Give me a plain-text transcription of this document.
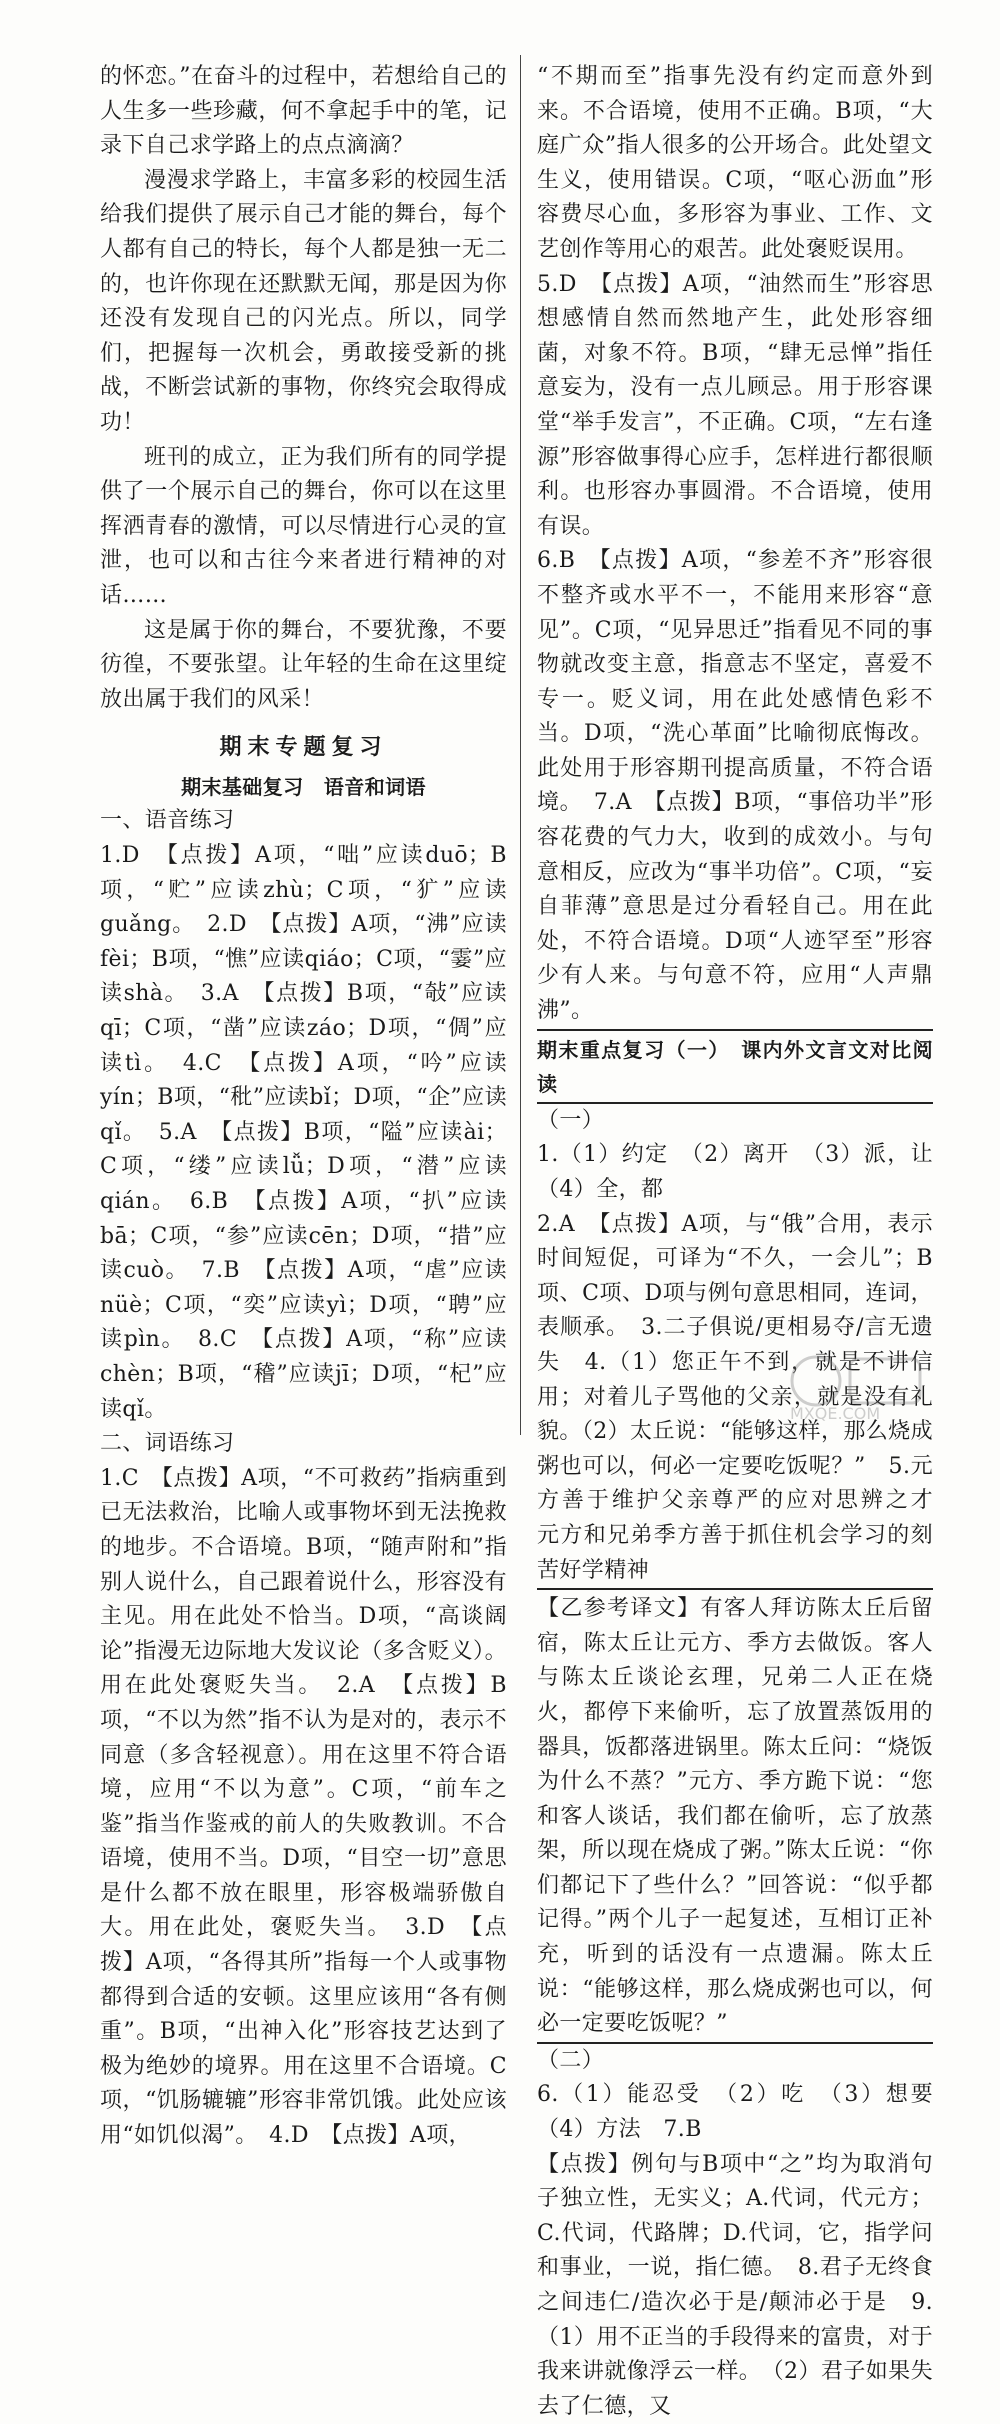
的怀恋。”在奋斗的过程中，若想给自己的人生多一些珍藏，何不拿起手中的笔，记录下自己求学路上的点点滴滴？

漫漫求学路上，丰富多彩的校园生活给我们提供了展示自己才能的舞台，每个人都有自己的特长，每个人都是独一无二的，也许你现在还默默无闻，那是因为你还没有发现自己的闪光点。所以，同学们，把握每一次机会，勇敢接受新的挑战，不断尝试新的事物，你终究会取得成功！

班刊的成立，正为我们所有的同学提供了一个展示自己的舞台，你可以在这里挥洒青春的激情，可以尽情进行心灵的宣泄，也可以和古往今来者进行精神的对话……

这是属于你的舞台，不要犹豫，不要彷徨，不要张望。让年轻的生命在这里绽放出属于我们的风采！

期末专题复习
期末基础复习　语音和词语

一、语音练习

1.D　【点拨】A项，“咄”应读duō；B项，“贮”应读zhù；C项，“犷”应读guǎng。　2.D　【点拨】A项，“沸”应读fèi；B项，“憔”应读qiáo；C项，“霎”应读shà。　3.A　【点拨】B项，“敧”应读qī；C项，“凿”应读záo；D项，“倜”应读tì。　4.C　【点拨】A项，“吟”应读yín；B项，“秕”应读bǐ；D项，“企”应读qǐ。　5.A　【点拨】B项，“隘”应读ài；C项，“缕”应读lǚ；D项，“潜”应读qián。　6.B　【点拨】A项，“扒”应读bā；C项，“参”应读cēn；D项，“措”应读cuò。　7.B　【点拨】A项，“虐”应读nüè；C项，“奕”应读yì；D项，“聘”应读pìn。　8.C　【点拨】A项，“称”应读chèn；B项，“稽”应读jī；D项，“杞”应读qǐ。

二、词语练习

1.C　【点拨】A项，“不可救药”指病重到已无法救治，比喻人或事物坏到无法挽救的地步。不合语境。B项，“随声附和”指别人说什么，自己跟着说什么，形容没有主见。用在此处不恰当。D项，“高谈阔论”指漫无边际地大发议论（多含贬义）。用在此处褒贬失当。　2.A　【点拨】B项，“不以为然”指不认为是对的，表示不同意（多含轻视意）。用在这里不符合语境，应用“不以为意”。C项，“前车之鉴”指当作鉴戒的前人的失败教训。不合语境，使用不当。D项，“目空一切”意思是什么都不放在眼里，形容极端骄傲自大。用在此处，褒贬失当。　3.D　【点拨】A项，“各得其所”指每一个人或事物都得到合适的安顿。这里应该用“各有侧重”。B项，“出神入化”形容技艺达到了极为绝妙的境界。用在这里不合语境。C项，“饥肠辘辘”形容非常饥饿。此处应该用“如饥似渴”。　4.D　【点拨】A项，

“不期而至”指事先没有约定而意外到来。不合语境，使用不正确。B项，“大庭广众”指人很多的公开场合。此处望文生义，使用错误。C项，“呕心沥血”形容费尽心血，多形容为事业、工作、文艺创作等用心的艰苦。此处褒贬误用。

5.D　【点拨】A项，“油然而生”形容思想感情自然而然地产生，此处形容细菌，对象不符。B项，“肆无忌惮”指任意妄为，没有一点儿顾忌。用于形容课堂“举手发言”，不正确。C项，“左右逢源”形容做事得心应手，怎样进行都很顺利。也形容办事圆滑。不合语境，使用有误。

6.B　【点拨】A项，“参差不齐”形容很不整齐或水平不一，不能用来形容“意见”。C项，“见异思迁”指看见不同的事物就改变主意，指意志不坚定，喜爱不专一。贬义词，用在此处感情色彩不当。D项，“洗心革面”比喻彻底悔改。此处用于形容期刊提高质量，不符合语境。　7.A　【点拨】B项，“事倍功半”形容花费的气力大，收到的成效小。与句意相反，应改为“事半功倍”。C项，“妄自菲薄”意思是过分看轻自己。用在此处，不符合语境。D项“人迹罕至”形容少有人来。与句意不符，应用“人声鼎沸”。

期末重点复习（一）　课内外文言文对比阅读

（一）

1.（1）约定　（2）离开　（3）派，让　（4）全，都

2.A　【点拨】A项，与“俄”合用，表示时间短促，可译为“不久，一会儿”；B项、C项、D项与例句意思相同，连词，表顺承。　3.二子俱说/更相易夺/言无遗失　4.（1）您正午不到，就是不讲信用；对着儿子骂他的父亲，就是没有礼貌。（2）太丘说：“能够这样，那么烧成粥也可以，何必一定要吃饭呢？”　5.元方善于维护父亲尊严的应对思辨之才　元方和兄弟季方善于抓住机会学习的刻苦好学精神

【乙参考译文】有客人拜访陈太丘后留宿，陈太丘让元方、季方去做饭。客人与陈太丘谈论玄理，兄弟二人正在烧火，都停下来偷听，忘了放置蒸饭用的器具，饭都落进锅里。陈太丘问：“烧饭为什么不蒸？”元方、季方跪下说：“您和客人谈话，我们都在偷听，忘了放蒸架，所以现在烧成了粥。”陈太丘说：“你们都记下了些什么？”回答说：“似乎都记得。”两个儿子一起复述，互相订正补充，听到的话没有一点遗漏。陈太丘说：“能够这样，那么烧成粥也可以，何必一定要吃饭呢？”

（二）

6.（1）能忍受　（2）吃　（3）想要　（4）方法　7.B

【点拨】例句与B项中“之”均为取消句子独立性，无实义；A.代词，代元方；C.代词，代路牌；D.代词，它，指学问和事业，一说，指仁德。　8.君子无终食之间违仁/造次必于是/颠沛必于是　9.（1）用不正当的手段得来的富贵，对于我来讲就像浮云一样。　（2）君子如果失去了仁德，又

MXQE.COM
